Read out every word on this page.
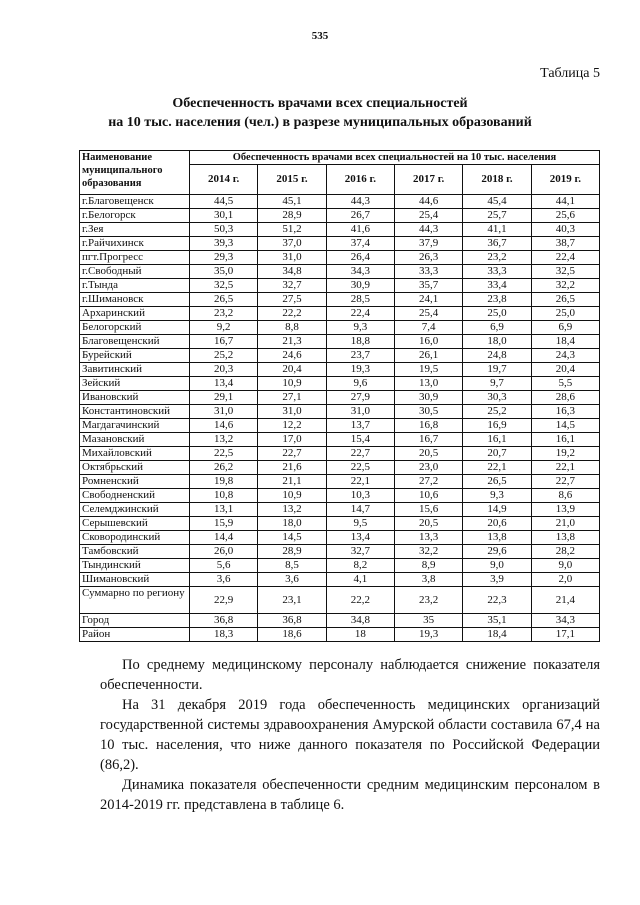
535
Таблица 5
Обеспеченность врачами всех специальностей
на 10 тыс. населения (чел.) в разрезе муниципальных образований
Наименование муниципального образования	Обеспеченность врачами всех специальностей на 10 тыс. населения					
	2014 г.	2015 г.	2016 г.	2017 г.	2018 г.	2019 г.
г.Благовещенск	44,5	45,1	44,3	44,6	45,4	44,1
г.Белогорск	30,1	28,9	26,7	25,4	25,7	25,6
г.Зея	50,3	51,2	41,6	44,3	41,1	40,3
г.Райчихинск	39,3	37,0	37,4	37,9	36,7	38,7
пгт.Прогресс	29,3	31,0	26,4	26,3	23,2	22,4
г.Свободный	35,0	34,8	34,3	33,3	33,3	32,5
г.Тында	32,5	32,7	30,9	35,7	33,4	32,2
г.Шимановск	26,5	27,5	28,5	24,1	23,8	26,5
Архаринский	23,2	22,2	22,4	25,4	25,0	25,0
Белогорский	9,2	8,8	9,3	7,4	6,9	6,9
Благовещенский	16,7	21,3	18,8	16,0	18,0	18,4
Бурейский	25,2	24,6	23,7	26,1	24,8	24,3
Завитинский	20,3	20,4	19,3	19,5	19,7	20,4
Зейский	13,4	10,9	9,6	13,0	9,7	5,5
Ивановский	29,1	27,1	27,9	30,9	30,3	28,6
Константиновский	31,0	31,0	31,0	30,5	25,2	16,3
Магдагачинский	14,6	12,2	13,7	16,8	16,9	14,5
Мазановский	13,2	17,0	15,4	16,7	16,1	16,1
Михайловский	22,5	22,7	22,7	20,5	20,7	19,2
Октябрьский	26,2	21,6	22,5	23,0	22,1	22,1
Ромненский	19,8	21,1	22,1	27,2	26,5	22,7
Свободненский	10,8	10,9	10,3	10,6	9,3	8,6
Селемджинский	13,1	13,2	14,7	15,6	14,9	13,9
Серышевский	15,9	18,0	9,5	20,5	20,6	21,0
Сковородинский	14,4	14,5	13,4	13,3	13,8	13,8
Тамбовский	26,0	28,9	32,7	32,2	29,6	28,2
Тындинский	5,6	8,5	8,2	8,9	9,0	9,0
Шимановский	3,6	3,6	4,1	3,8	3,9	2,0
Суммарно по региону	22,9	23,1	22,2	23,2	22,3	21,4
Город	36,8	36,8	34,8	35	35,1	34,3
Район	18,3	18,6	18	19,3	18,4	17,1

По среднему медицинскому персоналу наблюдается снижение показателя обеспеченности.

На 31 декабря 2019 года обеспеченность медицинских организаций государственной системы здравоохранения Амурской области составила 67,4 на 10 тыс. населения, что ниже данного показателя по Российской Федерации (86,2).

Динамика показателя обеспеченности средним медицинским персоналом в 2014-2019 гг. представлена в таблице 6.
